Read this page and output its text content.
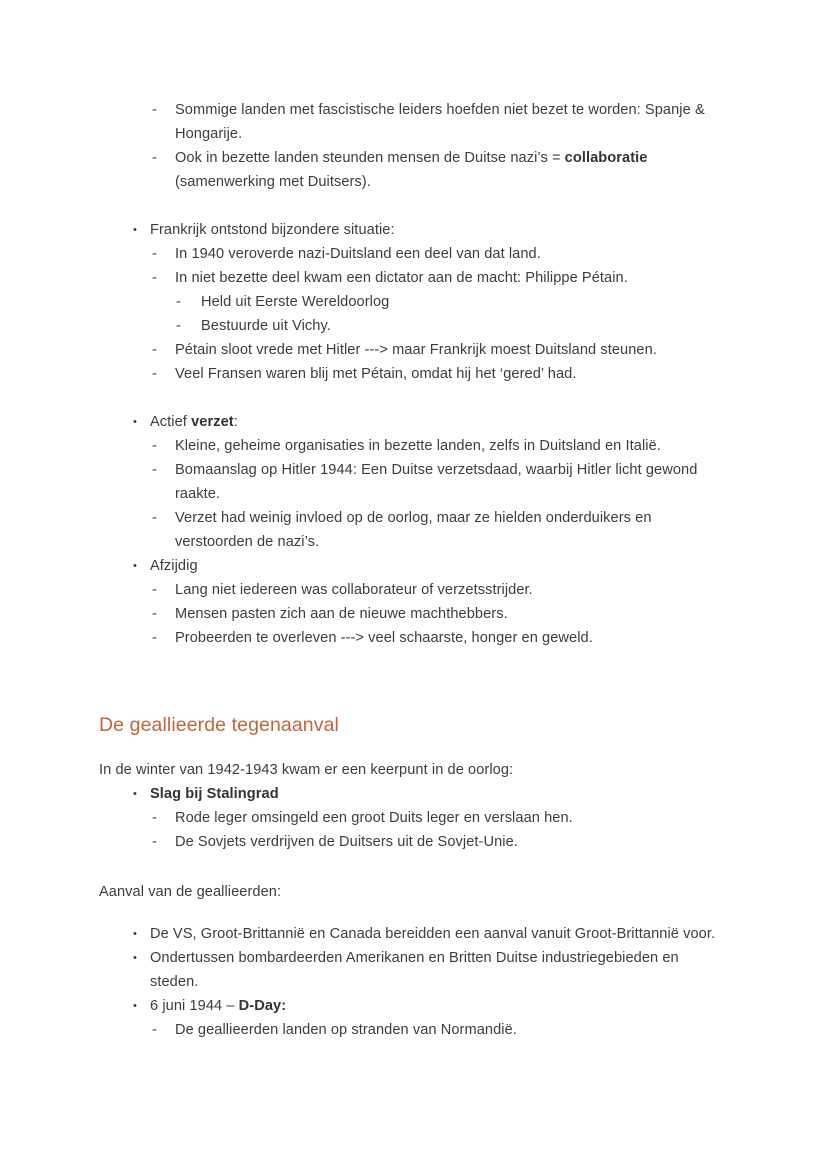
-	Sommige landen met fascistische leiders hoefden niet bezet te worden: Spanje & Hongarije.
-	Ook in bezette landen steunden mensen de Duitse nazi’s = collaboratie (samenwerking met Duitsers).
• Frankrijk ontstond bijzondere situatie:
-	In 1940 veroverde nazi-Duitsland een deel van dat land.
-	In niet bezette deel kwam een dictator aan de macht: Philippe Pétain.
-	Held uit Eerste Wereldoorlog
-	Bestuurde uit Vichy.
-	Pétain sloot vrede met Hitler ---> maar Frankrijk moest Duitsland steunen.
-	Veel Fransen waren blij met Pétain, omdat hij het ‘gered’ had.
• Actief verzet:
-	Kleine, geheime organisaties in bezette landen, zelfs in Duitsland en Italië.
-	Bomaanslag op Hitler 1944: Een Duitse verzetsdaad, waarbij Hitler licht gewond raakte.
-	Verzet had weinig invloed op de oorlog, maar ze hielden onderduikers en verstoorden de nazi’s.
• Afzijdig
-	Lang niet iedereen was collaborateur of verzetsstrijder.
-	Mensen pasten zich aan de nieuwe machthebbers.
-	Probeerden te overleven ---> veel schaarste, honger en geweld.
De geallieerde tegenaanval

In de winter van 1942-1943 kwam er een keerpunt in de oorlog:

• Slag bij Stalingrad
-	Rode leger omsingeld een groot Duits leger en verslaan hen.
-	De Sovjets verdrijven de Duitsers uit de Sovjet-Unie.

Aanval van de geallieerden:

• De VS, Groot-Brittannië en Canada bereidden een aanval vanuit Groot-Brittannië voor.
• Ondertussen bombardeerden Amerikanen en Britten Duitse industriegebieden en steden.
• 6 juni 1944 – D-Day:
-	De geallieerden landen op stranden van Normandië.
